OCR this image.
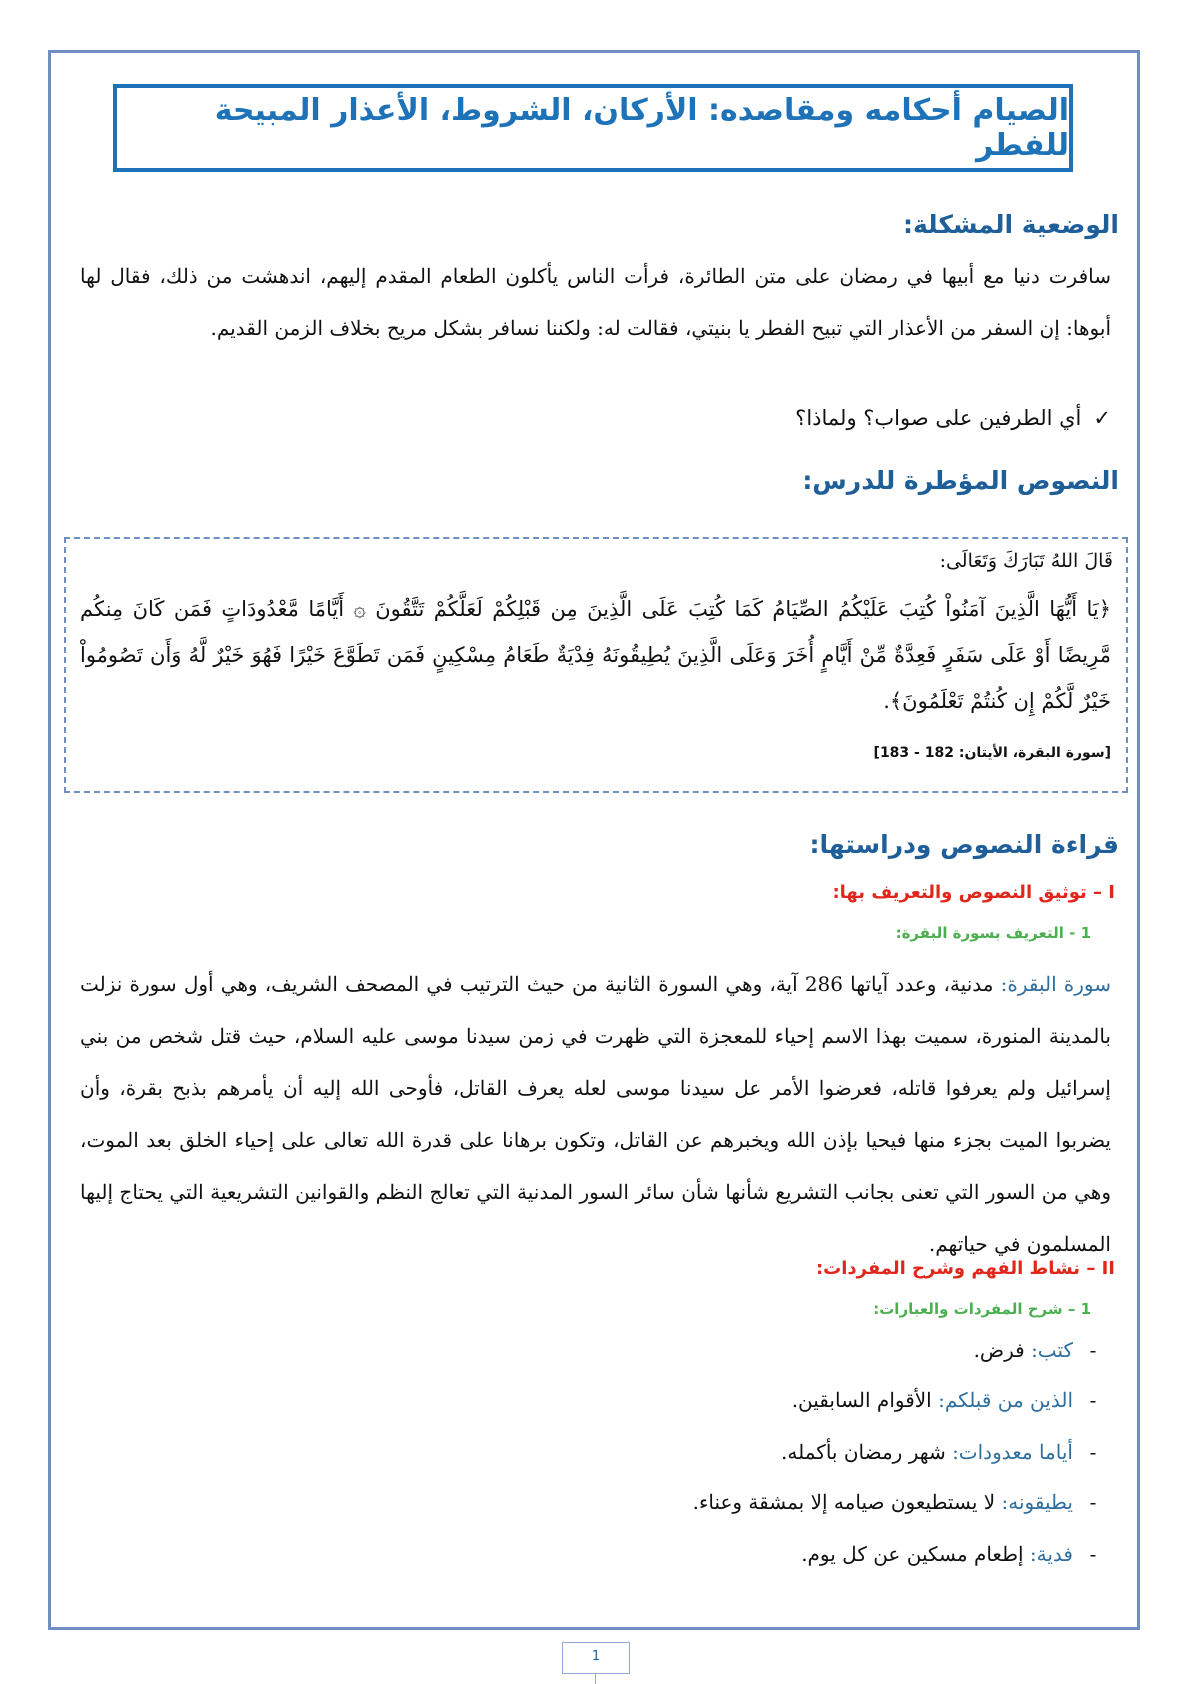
الصيام أحكامه ومقاصده: الأركان، الشروط، الأعذار المبيحة للفطر
الوضعية المشكلة:
سافرت دنيا مع أبيها في رمضان على متن الطائرة، فرأت الناس يأكلون الطعام المقدم إليهم، اندهشت من ذلك، فقال لها أبوها: إن السفر من الأعذار التي تبيح الفطر يا بنيتي، فقالت له: ولكننا نسافر بشكل مريح بخلاف الزمن القديم.
✓
أي الطرفين على صواب؟ ولماذا؟
النصوص المؤطرة للدرس:
قَالَ اللهُ تَبَارَكَ وَتَعَالَى:
﴿يَا أَيُّهَا الَّذِينَ آمَنُواْ كُتِبَ عَلَيْكُمُ الصِّيَامُ كَمَا كُتِبَ عَلَى الَّذِينَ مِن قَبْلِكُمْ لَعَلَّكُمْ تَتَّقُونَ ۞ أَيَّامًا مَّعْدُودَاتٍ فَمَن كَانَ مِنكُم مَّرِيضًا أَوْ عَلَى سَفَرٍ فَعِدَّةٌ مِّنْ أَيَّامٍ أُخَرَ وَعَلَى الَّذِينَ يُطِيقُونَهُ فِدْيَةٌ طَعَامُ مِسْكِينٍ فَمَن تَطَوَّعَ خَيْرًا فَهُوَ خَيْرٌ لَّهُ وَأَن تَصُومُواْ خَيْرٌ لَّكُمْ إِن كُنتُمْ تَعْلَمُونَ﴾.
[سورة البقرة، الأيتان: 182 - 183]
قراءة النصوص ودراستها:
I – توثيق النصوص والتعريف بها:
1 - التعريف بسورة البقرة:
سورة البقرة: مدنية، وعدد آياتها 286 آية، وهي السورة الثانية من حيث الترتيب في المصحف الشريف، وهي أول سورة نزلت بالمدينة المنورة، سميت بهذا الاسم إحياء للمعجزة التي ظهرت في زمن سيدنا موسى عليه السلام، حيث قتل شخص من بني إسرائيل ولم يعرفوا قاتله، فعرضوا الأمر عل سيدنا موسى لعله يعرف القاتل، فأوحى الله إليه أن يأمرهم بذبح بقرة، وأن يضربوا الميت بجزء منها فيحيا بإذن الله ويخبرهم عن القاتل، وتكون برهانا على قدرة الله تعالى على إحياء الخلق بعد الموت، وهي من السور التي تعنى بجانب التشريع شأنها شأن سائر السور المدنية التي تعالج النظم والقوانين التشريعية التي يحتاج إليها المسلمون في حياتهم.
II – نشاط الفهم وشرح المفردات:
1 – شرح المفردات والعبارات:
-
كتب:

فرض.
-
الذين من قبلكم:

الأقوام السابقين.
-
أياما معدودات:

شهر رمضان بأكمله.
-
يطيقونه:

لا يستطيعون صيامه إلا بمشقة وعناء.
-
فدية:

إطعام مسكين عن كل يوم.
1
